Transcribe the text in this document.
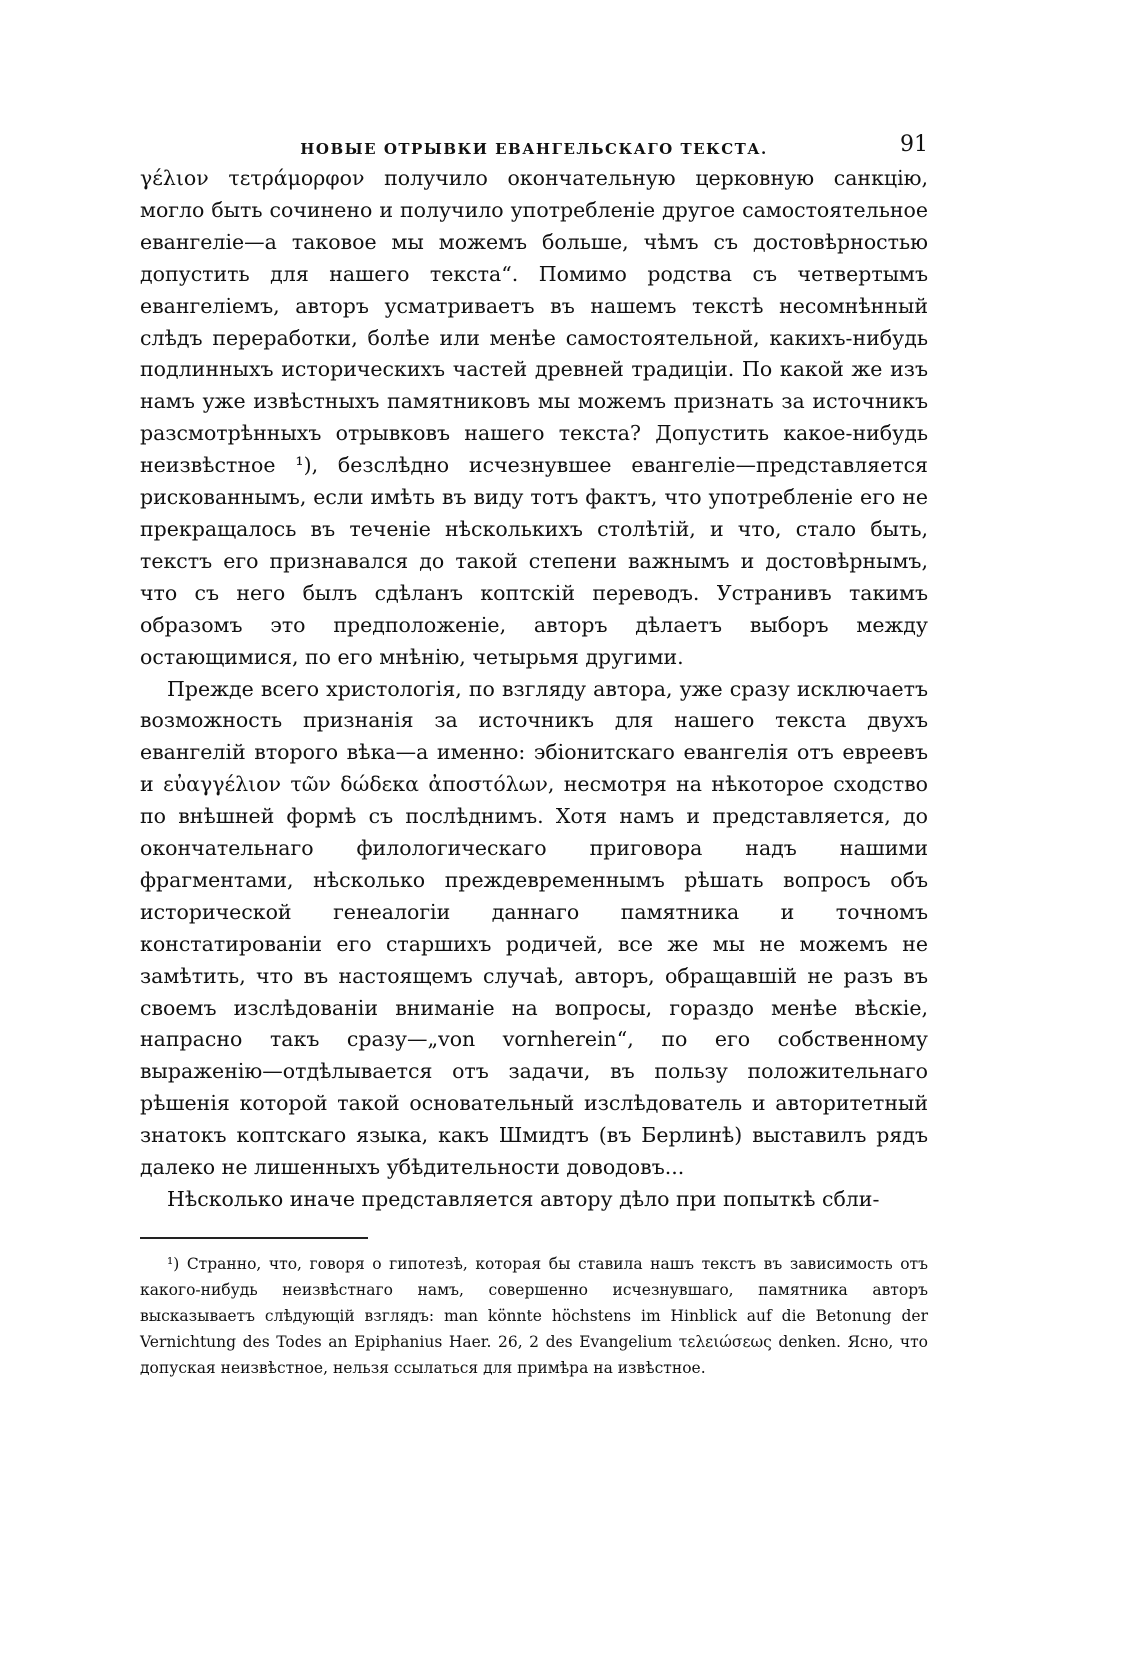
НОВЫЕ ОТРЫВКИ ЕВАНГЕЛЬСКАГО ТЕКСТА.	91

γέλιον τετράμορφον получило окончательную церковную санкцію, могло быть сочинено и получило употребленіе другое самостоятельное евангеліе—а таковое мы можемъ больше, чѣмъ съ достовѣрностью допустить для нашего текста“. Помимо родства съ четвертымъ евангеліемъ, авторъ усматриваетъ въ нашемъ текстѣ несомнѣнный слѣдъ переработки, болѣе или менѣе самостоятельной, какихъ-нибудь подлинныхъ историческихъ частей древней традиціи. По какой же изъ намъ уже извѣстныхъ памятниковъ мы можемъ признать за источникъ разсмотрѣнныхъ отрывковъ нашего текста? Допустить какое-нибудь неизвѣстное ¹), безслѣдно исчезнувшее евангеліе—представляется рискованнымъ, если имѣть въ виду тотъ фактъ, что употребленіе его не прекращалось въ теченіе нѣсколькихъ столѣтій, и что, стало быть, текстъ его признавался до такой степени важнымъ и достовѣрнымъ, что съ него былъ сдѣланъ коптскій переводъ. Устранивъ такимъ образомъ это предположеніе, авторъ дѣлаетъ выборъ между остающимися, по его мнѣнію, четырьмя другими.

Прежде всего христологія, по взгляду автора, уже сразу исключаетъ возможность признанія за источникъ для нашего текста двухъ евангелій второго вѣка—а именно: эбіонитскаго евангелія отъ евреевъ и εὐαγγέλιον τῶν δώδεκα ἀποστόλων, несмотря на нѣкоторое сходство по внѣшней формѣ съ послѣднимъ. Хотя намъ и представляется, до окончательнаго филологическаго приговора надъ нашими фрагментами, нѣсколько преждевременнымъ рѣшать вопросъ объ исторической генеалогіи даннаго памятника и точномъ констатированіи его старшихъ родичей, все же мы не можемъ не замѣтить, что въ настоящемъ случаѣ, авторъ, обращавшій не разъ въ своемъ изслѣдованіи вниманіе на вопросы, гораздо менѣе вѣскіе, напрасно такъ сразу—„von vornherein“, по его собственному выраженію—отдѣлывается отъ задачи, въ пользу положительнаго рѣшенія которой такой основательный изслѣдователь и авторитетный знатокъ коптскаго языка, какъ Шмидтъ (въ Берлинѣ) выставилъ рядъ далеко не лишенныхъ убѣдительности доводовъ...

Нѣсколько иначе представляется автору дѣло при попыткѣ сбли-

¹) Странно, что, говоря о гипотезѣ, которая бы ставила нашъ текстъ въ зависимость отъ какого-нибудь неизвѣстнаго намъ, совершенно исчезнувшаго, памятника авторъ высказываетъ слѣдующій взглядъ: man könnte höchstens im Hinblick auf die Betonung der Vernichtung des Todes an Epiphanius Haer. 26, 2 des Evangelium τελειώσεως denken. Ясно, что допуская неизвѣстное, нельзя ссылаться для примѣра на извѣстное.
